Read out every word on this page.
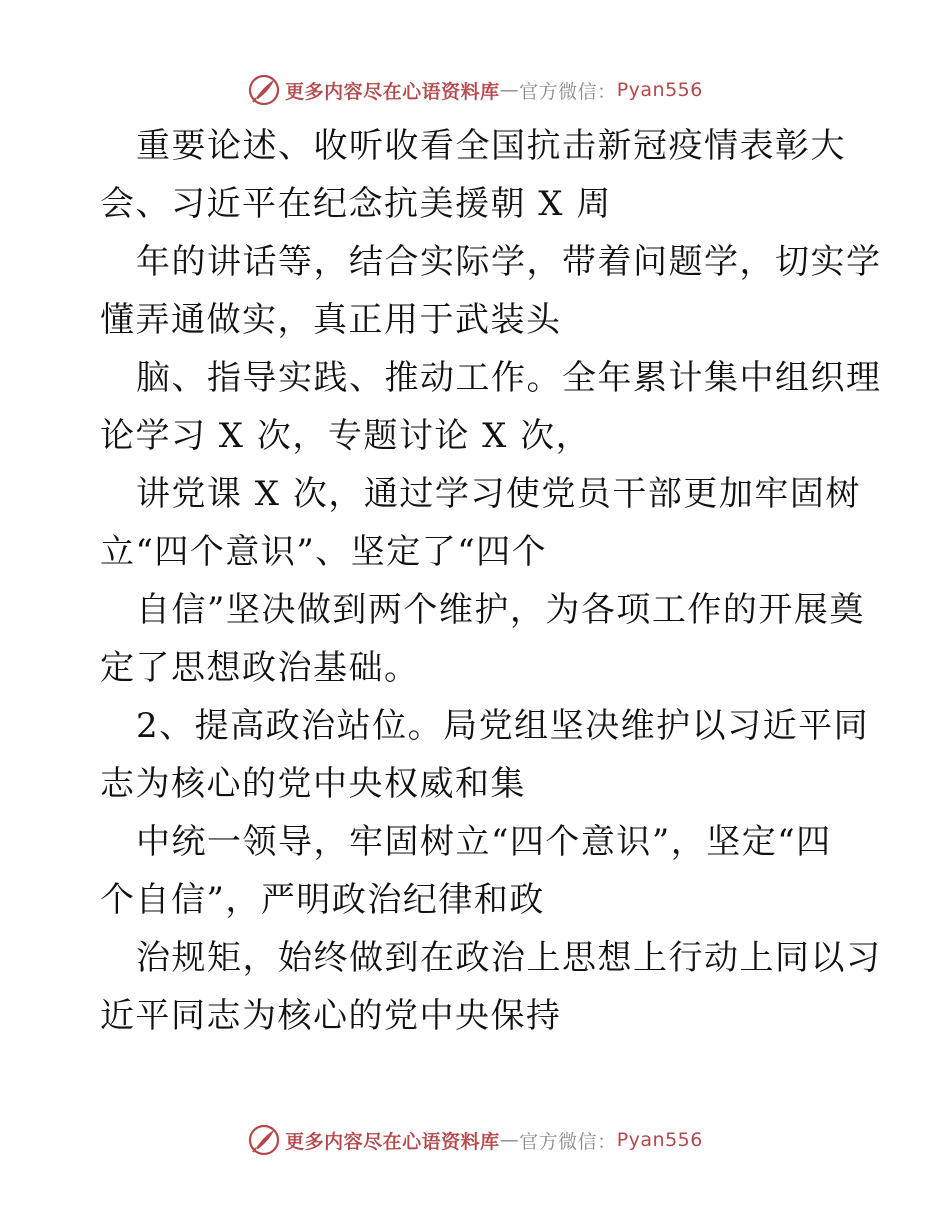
更多内容尽在心语资料库 — 官方微信： Pyan556
重要论述、收听收看全国抗击新冠疫情表彰大
会、习近平在纪念抗美援朝 X 周
年的讲话等，结合实际学，带着问题学，切实学
懂弄通做实，真正用于武装头
脑、指导实践、推动工作。全年累计集中组织理
论学习 X 次，专题讨论 X 次，
讲党课 X 次，通过学习使党员干部更加牢固树
立“四个意识”、坚定了“四个
自信”坚决做到两个维护，为各项工作的开展奠
定了思想政治基础。
2、提高政治站位。局党组坚决维护以习近平同
志为核心的党中央权威和集
中统一领导，牢固树立“四个意识”，坚定“四
个自信”，严明政治纪律和政
治规矩，始终做到在政治上思想上行动上同以习
近平同志为核心的党中央保持
更多内容尽在心语资料库 — 官方微信： Pyan556
